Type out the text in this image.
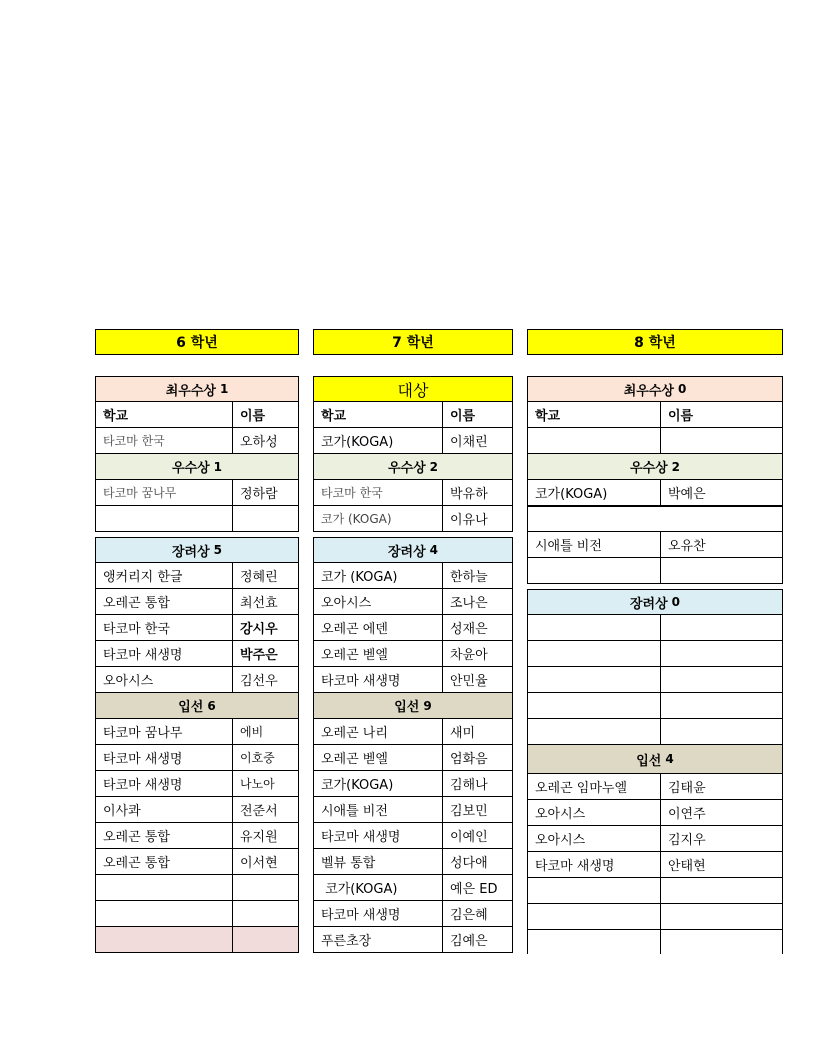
6 학년
최우수상 1
학교	이름
타코마 한국	오하성
우수상 1
타코마 꿈나무	정하람
장려상 5
앵커리지 한글	정혜린
오레곤 통합	최선효
타코마 한국	강시우
타코마 새생명	박주은
오아시스	김선우
입선 6
타코마 꿈나무	에비
타코마 새생명	이호중
타코마 새생명	나노아
이사콰	전준서
오레곤 통합	유지원
오레곤 통합	이서현
7 학년
대상
학교	이름
코가(KOGA)	이채린
우수상 2
타코마 한국	박유하
코가 (KOGA)	이유나
장려상 4
코가 (KOGA)	한하늘
오아시스	조나은
오레곤 에덴	성재은
오레곤 벧엘	차윤아
타코마 새생명	안민율
입선 9
오레곤 나리	새미
오레곤 벧엘	엄화음
코가(KOGA)	김해나
시애틀 비전	김보민
타코마 새생명	이예인
벨뷰 통합	성다애
코가(KOGA)	예은 ED
타코마 새생명	김은혜
푸른초장	김예은
8 학년
최우수상 0
학교	이름
우수상 2
코가(KOGA)	박예은
시애틀 비전	오유찬
장려상 0
입선 4
오레곤 임마누엘	김태윤
오아시스	이연주
오아시스	김지우
타코마 새생명	안태현
